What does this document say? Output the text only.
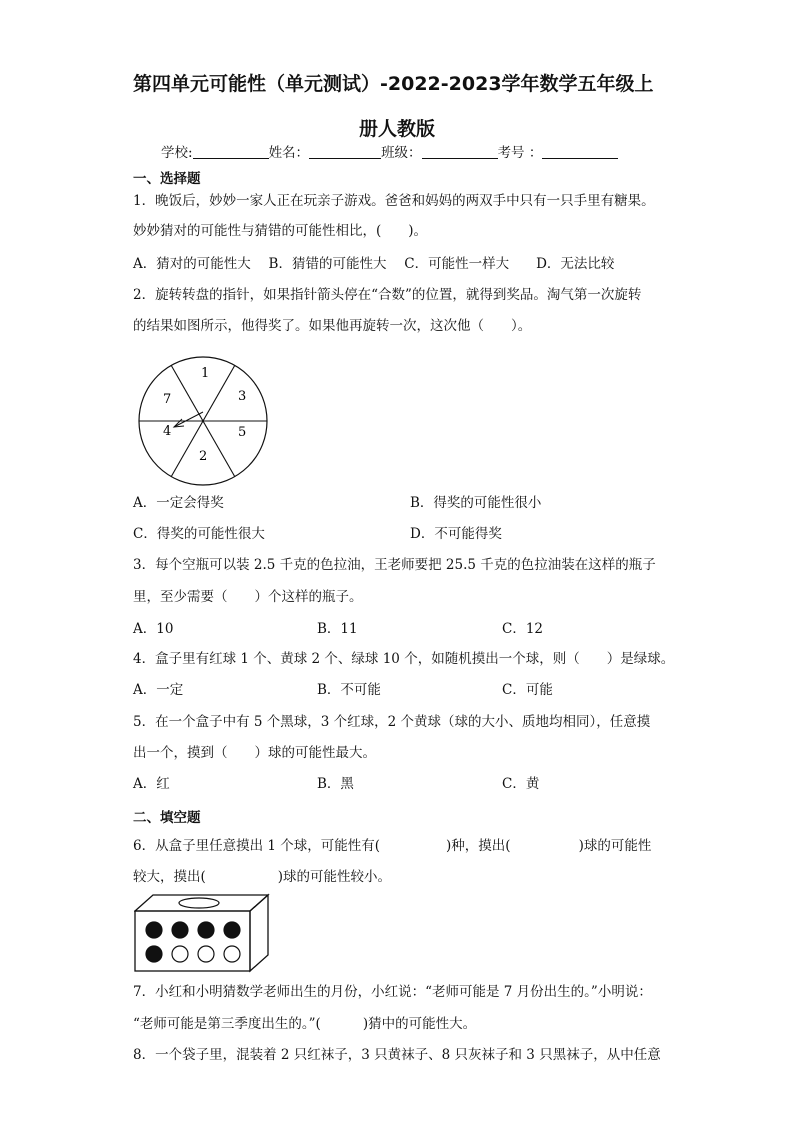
第四单元可能性（单元测试）-2022-2023学年数学五年级上
册人教版
学校:	姓名：	班级：	考号 ：
一、选择题
1．晚饭后，妙妙一家人正在玩亲子游戏。爸爸和妈妈的两双手中只有一只手里有糖果。
妙妙猜对的可能性与猜错的可能性相比，(　　)。
A．猜对的可能性大　 B．猜错的可能性大　 C．可能性一样大　　D．无法比较
2．旋转转盘的指针，如果指针箭头停在“合数”的位置，就得到奖品。淘气第一次旋转
的结果如图所示，他得奖了。如果他再旋转一次，这次他（　　）。
1
3
5
2
4
7
A．一定会得奖	B．得奖的可能性很小
C．得奖的可能性很大	D．不可能得奖
3．每个空瓶可以装 2.5 千克的色拉油，王老师要把 25.5 千克的色拉油装在这样的瓶子
里，至少需要（　　）个这样的瓶子。
A．10	B．11	C．12
4．盒子里有红球 1 个、黄球 2 个、绿球 10 个，如随机摸出一个球，则（　　）是绿球。
A．一定	B．不可能	C．可能
5．在一个盒子中有 5 个黑球，3 个红球，2 个黄球（球的大小、质地均相同），任意摸
出一个，摸到（　　）球的可能性最大。
A．红	B．黑	C．黄
二、填空题
6．从盒子里任意摸出 1 个球，可能性有(	)种，摸出(	)球的可能性
较大，摸出(	)球的可能性较小。
7．小红和小明猜数学老师出生的月份，小红说：“老师可能是 7 月份出生的。”小明说：
“老师可能是第三季度出生的。”(	)猜中的可能性大。
8．一个袋子里，混装着 2 只红袜子，3 只黄袜子、8 只灰袜子和 3 只黑袜子，从中任意
